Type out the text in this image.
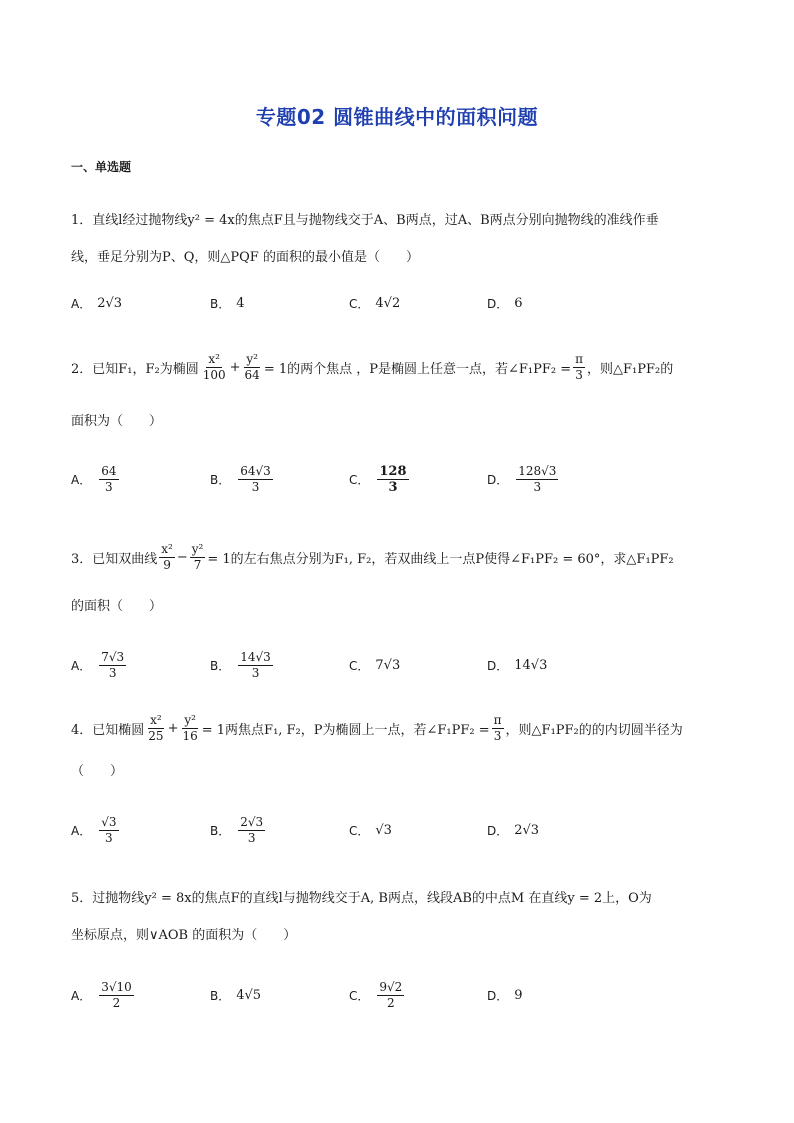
专题02 圆锥曲线中的面积问题
一、单选题
1．直线l经过抛物线y² = 4x的焦点F且与抛物线交于A、B两点，过A、B两点分别向抛物线的准线作垂
线，垂足分别为P、Q，则△PQF 的面积的最小值是（　　）
A． 2√3	B． 4	C． 4√2	D． 6
2．已知F₁，F₂为椭圆 $\frac{\text{x²}}{100} + \frac{\text{y²}}{64} = 1$的两个焦点 ，P是椭圆上任意一点，若∠F₁PF₂ = $\frac{\pi}{3}$ ，则△F₁PF₂的
面积为（　　）
A． $\frac{64}{3}$	B． $\frac{64√3}{3}$	C． $\frac{128}{3}$	D． $\frac{128√3}{3}$
3．已知双曲线 $\frac{\text{x²}}{9} - \frac{\text{y²}}{7} = 1$的左右焦点分别为F₁, F₂，若双曲线上一点P使得∠F₁PF₂ = 60°，求△F₁PF₂
的面积（　　）
A． $\frac{7√3}{3}$	B． $\frac{14√3}{3}$	C． 7√3	D． 14√3
4．已知椭圆 $\frac{\text{x²}}{25} + \frac{\text{y²}}{16} = 1$两焦点F₁, F₂，P为椭圆上一点，若∠F₁PF₂ = $\frac{\pi}{3}$ ，则△F₁PF₂的的内切圆半径为
（　　）
A． $\frac{√3}{3}$	B． $\frac{2√3}{3}$	C． √3	D． 2√3
5．过抛物线y² = 8x的焦点F的直线l与抛物线交于A, B两点，线段AB的中点M 在直线y = 2上，O为
坐标原点，则∨AOB 的面积为（　　）
A． $\frac{3√10}{2}$	B． 4√5	C． $\frac{9√2}{2}$	D． 9
